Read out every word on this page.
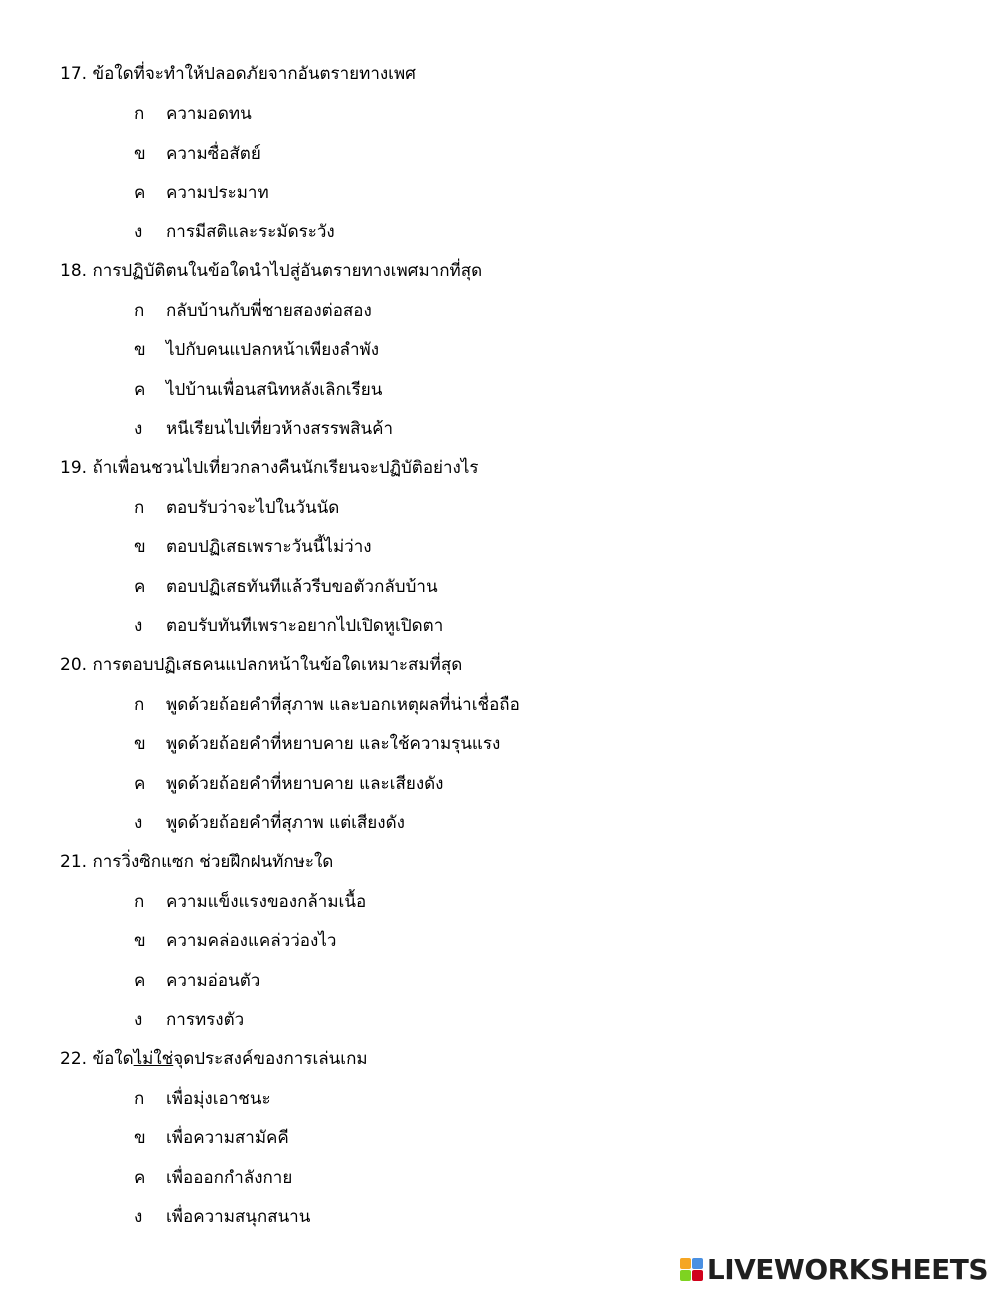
17. ข้อใดที่จะทำให้ปลอดภัยจากอันตรายทางเพศ
ก ความอดทน
ข ความซื่อสัตย์
ค ความประมาท
ง การมีสติและระมัดระวัง
18. การปฏิบัติตนในข้อใดนำไปสู่อันตรายทางเพศมากที่สุด
ก กลับบ้านกับพี่ชายสองต่อสอง
ข ไปกับคนแปลกหน้าเพียงลำพัง
ค ไปบ้านเพื่อนสนิทหลังเลิกเรียน
ง หนีเรียนไปเที่ยวห้างสรรพสินค้า
19. ถ้าเพื่อนชวนไปเที่ยวกลางคืนนักเรียนจะปฏิบัติอย่างไร
ก ตอบรับว่าจะไปในวันนัด
ข ตอบปฏิเสธเพราะวันนี้ไม่ว่าง
ค ตอบปฏิเสธทันทีแล้วรีบขอตัวกลับบ้าน
ง ตอบรับทันทีเพราะอยากไปเปิดหูเปิดตา
20. การตอบปฏิเสธคนแปลกหน้าในข้อใดเหมาะสมที่สุด
ก พูดด้วยถ้อยคำที่สุภาพ และบอกเหตุผลที่น่าเชื่อถือ
ข พูดด้วยถ้อยคำที่หยาบคาย และใช้ความรุนแรง
ค พูดด้วยถ้อยคำที่หยาบคาย และเสียงดัง
ง พูดด้วยถ้อยคำที่สุภาพ แต่เสียงดัง
21. การวิ่งซิกแซก ช่วยฝึกฝนทักษะใด
ก ความแข็งแรงของกล้ามเนื้อ
ข ความคล่องแคล่วว่องไว
ค ความอ่อนตัว
ง การทรงตัว
22. ข้อใดไม่ใช่จุดประสงค์ของการเล่นเกม
ก เพื่อมุ่งเอาชนะ
ข เพื่อความสามัคคี
ค เพื่อออกกำลังกาย
ง เพื่อความสนุกสนาน
LIVEWORKSHEETS
